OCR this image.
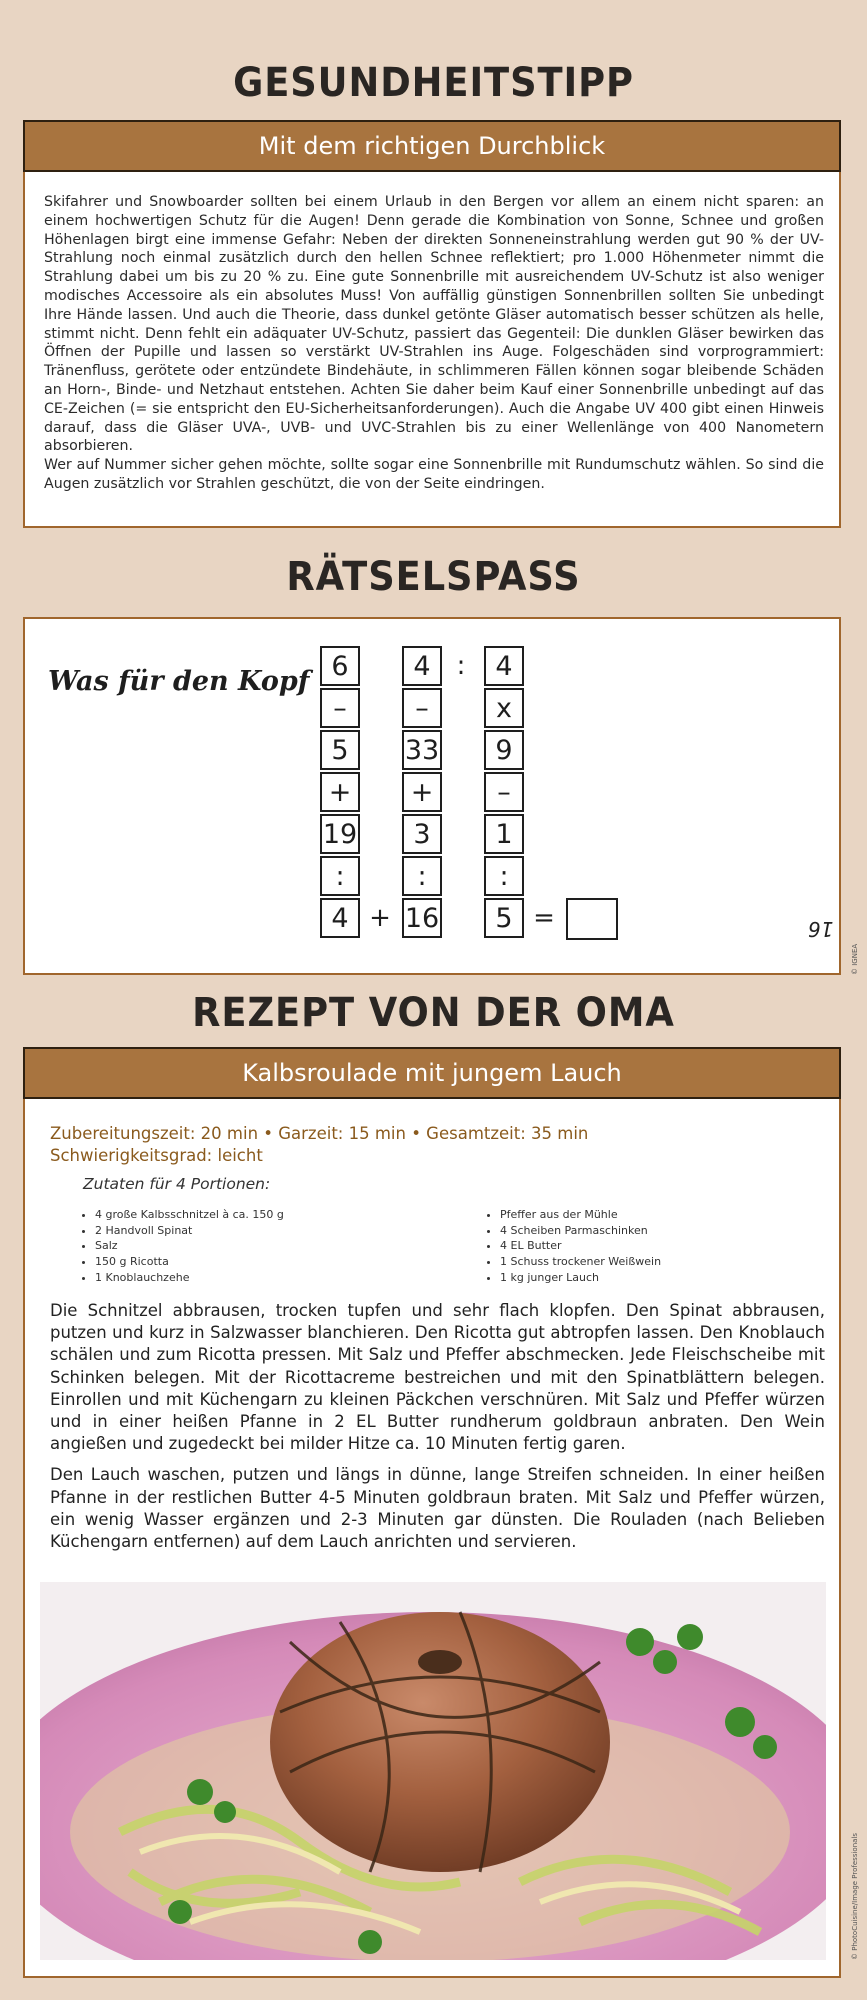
GESUNDHEITSTIPP
Mit dem richtigen Durchblick

Skifahrer und Snowboarder sollten bei einem Urlaub in den Bergen vor allem an einem nicht sparen: an einem hochwertigen Schutz für die Augen! Denn gerade die Kombination von Sonne, Schnee und großen Höhenlagen birgt eine immense Gefahr: Neben der direkten Sonneneinstrahlung werden gut 90 % der UV-Strahlung noch einmal zusätzlich durch den hellen Schnee reflektiert; pro 1.000 Höhenmeter nimmt die Strahlung dabei um bis zu 20 % zu. Eine gute Sonnenbrille mit ausreichendem UV-Schutz ist also weniger modisches Accessoire als ein absolutes Muss! Von auffällig günstigen Sonnenbrillen sollten Sie unbedingt Ihre Hände lassen. Und auch die Theorie, dass dunkel getönte Gläser automatisch besser schützen als helle, stimmt nicht. Denn fehlt ein adäquater UV-Schutz, passiert das Gegenteil: Die dunklen Gläser bewirken das Öffnen der Pupille und lassen so verstärkt UV-Strahlen ins Auge. Folgeschäden sind vorprogrammiert: Tränenfluss, gerötete oder entzündete Bindehäute, in schlimmeren Fällen können sogar bleibende Schäden an Horn-, Binde- und Netzhaut entstehen. Achten Sie daher beim Kauf einer Sonnenbrille unbedingt auf das CE-Zeichen (= sie entspricht den EU-Sicherheitsanforderungen). Auch die Angabe UV 400 gibt einen Hinweis darauf, dass die Gläser UVA-, UVB- und UVC-Strahlen bis zu einer Wellenlänge von 400 Nanometern absorbieren.

Wer auf Nummer sicher gehen möchte, sollte sogar eine Sonnenbrille mit Rundumschutz wählen. So sind die Augen zusätzlich vor Strahlen geschützt, die von der Seite eindringen.

RÄTSELSPASS
Was für den Kopf 6
–
5
+
19
:
4
4
–
33
+
3
:
16
4
x
9
–
1
:
5
:
+	=	16
© IGNEA
REZEPT VON DER OMA
Kalbsroulade mit jungem Lauch
Zubereitungszeit: 20 min • Garzeit: 15 min • Gesamtzeit: 35 min
Schwierigkeitsgrad: leicht
Zutaten für 4 Portionen:
• 4 große Kalbsschnitzel à ca. 150 g
• 2 Handvoll Spinat
• Salz
• 150 g Ricotta
• 1 Knoblauchzehe
• Pfeffer aus der Mühle
• 4 Scheiben Parmaschinken
• 4 EL Butter
• 1 Schuss trockener Weißwein
• 1 kg junger Lauch

Die Schnitzel abbrausen, trocken tupfen und sehr flach klopfen. Den Spinat abbrausen, putzen und kurz in Salzwasser blanchieren. Den Ricotta gut abtropfen lassen. Den Knoblauch schälen und zum Ricotta pressen. Mit Salz und Pfeffer abschmecken. Jede Fleischscheibe mit Schinken belegen. Mit der Ricottacreme bestreichen und mit den Spinatblättern belegen. Einrollen und mit Küchengarn zu kleinen Päckchen verschnüren. Mit Salz und Pfeffer würzen und in einer heißen Pfanne in 2 EL Butter rundherum goldbraun anbraten. Den Wein angießen und zugedeckt bei milder Hitze ca. 10 Minuten fertig garen.

Den Lauch waschen, putzen und längs in dünne, lange Streifen schneiden. In einer heißen Pfanne in der restlichen Butter 4-5 Minuten goldbraun braten. Mit Salz und Pfeffer würzen, ein wenig Wasser ergänzen und 2-3 Minuten gar dünsten. Die Rouladen (nach Belieben Küchengarn entfernen) auf dem Lauch anrichten und servieren.

© PhotoCuisine/Image Professionals
